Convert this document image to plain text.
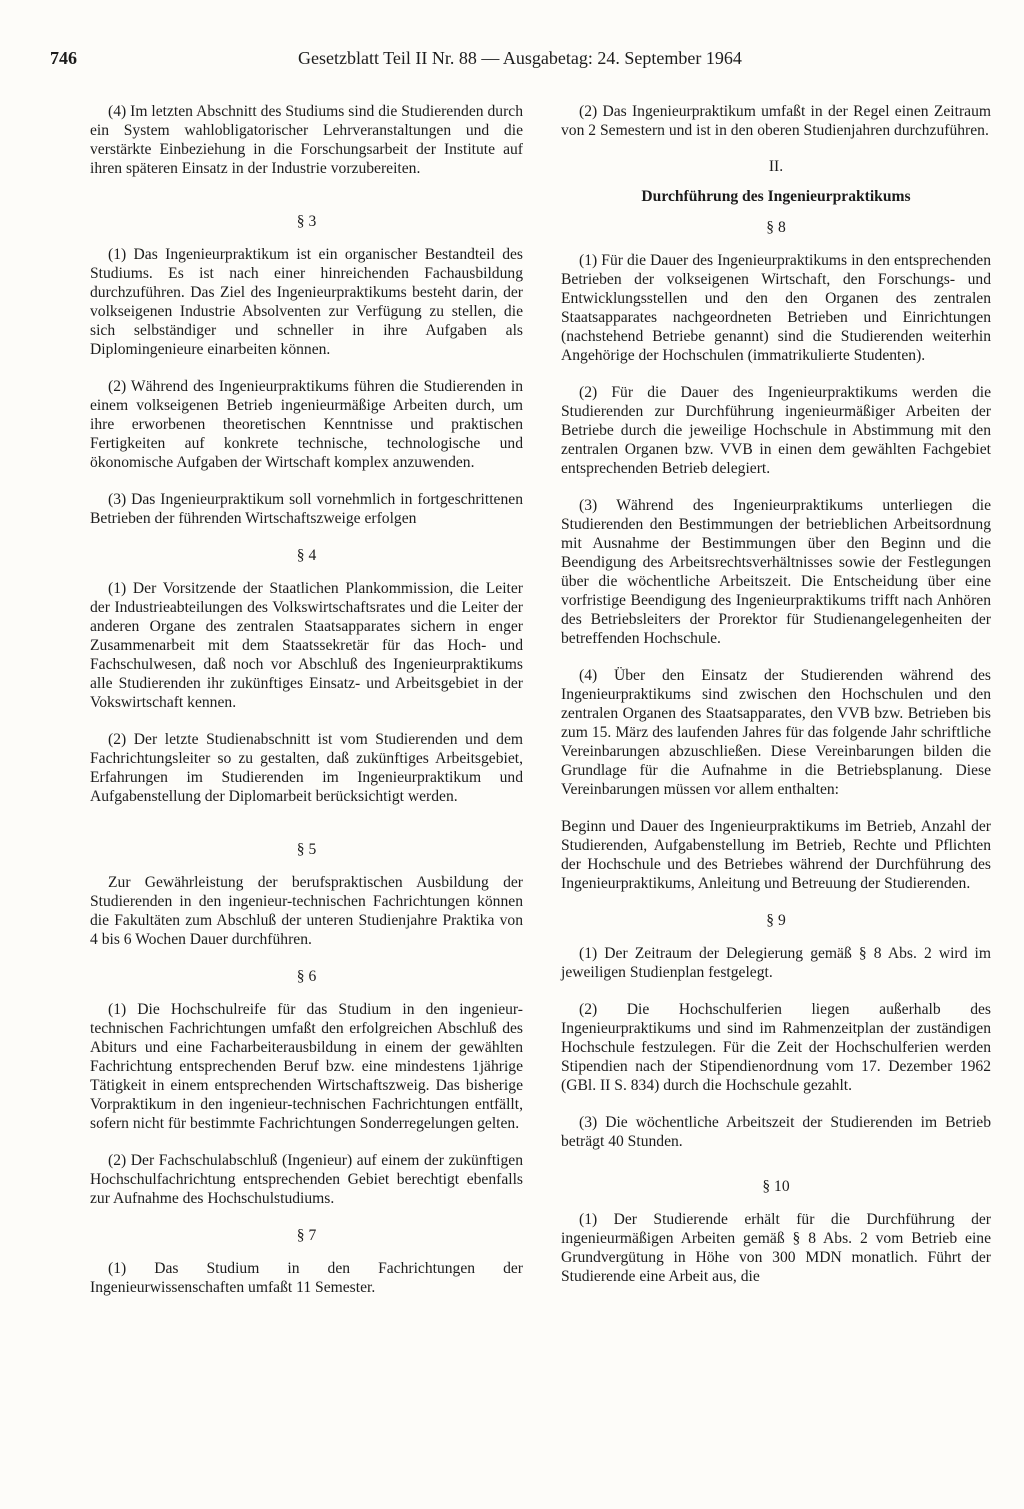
746	Gesetzblatt Teil II Nr. 88 — Ausgabetag: 24. September 1964

(4) Im letzten Abschnitt des Studiums sind die Studierenden durch ein System wahlobligatorischer Lehrveranstaltungen und die verstärkte Einbeziehung in die Forschungsarbeit der Institute auf ihren späteren Einsatz in der Industrie vorzubereiten.

§ 3

(1) Das Ingenieurpraktikum ist ein organischer Bestandteil des Studiums. Es ist nach einer hinreichenden Fachausbildung durchzuführen. Das Ziel des Ingenieurpraktikums besteht darin, der volkseigenen Industrie Absolventen zur Verfügung zu stellen, die sich selbständiger und schneller in ihre Aufgaben als Diplomingenieure einarbeiten können.

(2) Während des Ingenieurpraktikums führen die Studierenden in einem volkseigenen Betrieb ingenieurmäßige Arbeiten durch, um ihre erworbenen theoretischen Kenntnisse und praktischen Fertigkeiten auf konkrete technische, technologische und ökonomische Aufgaben der Wirtschaft komplex anzuwenden.

(3) Das Ingenieurpraktikum soll vornehmlich in fortgeschrittenen Betrieben der führenden Wirtschaftszweige erfolgen

§ 4

(1) Der Vorsitzende der Staatlichen Plankommission, die Leiter der Industrieabteilungen des Volkswirtschaftsrates und die Leiter der anderen Organe des zentralen Staatsapparates sichern in enger Zusammenarbeit mit dem Staatssekretär für das Hoch- und Fachschulwesen, daß noch vor Abschluß des Ingenieurpraktikums alle Studierenden ihr zukünftiges Einsatz- und Arbeitsgebiet in der Vokswirtschaft kennen.

(2) Der letzte Studienabschnitt ist vom Studierenden und dem Fachrichtungsleiter so zu gestalten, daß zukünftiges Arbeitsgebiet, Erfahrungen im Studierenden im Ingenieurpraktikum und Aufgabenstellung der Diplomarbeit berücksichtigt werden.

§ 5

Zur Gewährleistung der berufspraktischen Ausbildung der Studierenden in den ingenieur-technischen Fachrichtungen können die Fakultäten zum Abschluß der unteren Studienjahre Praktika von 4 bis 6 Wochen Dauer durchführen.

§ 6

(1) Die Hochschulreife für das Studium in den ingenieur-technischen Fachrichtungen umfaßt den erfolgreichen Abschluß des Abiturs und eine Facharbeiterausbildung in einem der gewählten Fachrichtung entsprechenden Beruf bzw. eine mindestens 1jährige Tätigkeit in einem entsprechenden Wirtschaftszweig. Das bisherige Vorpraktikum in den ingenieur-technischen Fachrichtungen entfällt, sofern nicht für bestimmte Fachrichtungen Sonderregelungen gelten.

(2) Der Fachschulabschluß (Ingenieur) auf einem der zukünftigen Hochschulfachrichtung entsprechenden Gebiet berechtigt ebenfalls zur Aufnahme des Hochschulstudiums.

§ 7

(1) Das Studium in den Fachrichtungen der Ingenieurwissenschaften umfaßt 11 Semester.

(2) Das Ingenieurpraktikum umfaßt in der Regel einen Zeitraum von 2 Semestern und ist in den oberen Studienjahren durchzuführen.

II.
Durchführung des Ingenieurpraktikums
§ 8

(1) Für die Dauer des Ingenieurpraktikums in den entsprechenden Betrieben der volkseigenen Wirtschaft, den Forschungs- und Entwicklungsstellen und den den Organen des zentralen Staatsapparates nachgeordneten Betrieben und Einrichtungen (nachstehend Betriebe genannt) sind die Studierenden weiterhin Angehörige der Hochschulen (immatrikulierte Studenten).

(2) Für die Dauer des Ingenieurpraktikums werden die Studierenden zur Durchführung ingenieurmäßiger Arbeiten der Betriebe durch die jeweilige Hochschule in Abstimmung mit den zentralen Organen bzw. VVB in einen dem gewählten Fachgebiet entsprechenden Betrieb delegiert.

(3) Während des Ingenieurpraktikums unterliegen die Studierenden den Bestimmungen der betrieblichen Arbeitsordnung mit Ausnahme der Bestimmungen über den Beginn und die Beendigung des Arbeitsrechtsverhältnisses sowie der Festlegungen über die wöchentliche Arbeitszeit. Die Entscheidung über eine vorfristige Beendigung des Ingenieurpraktikums trifft nach Anhören des Betriebsleiters der Prorektor für Studienangelegenheiten der betreffenden Hochschule.

(4) Über den Einsatz der Studierenden während des Ingenieurpraktikums sind zwischen den Hochschulen und den zentralen Organen des Staatsapparates, den VVB bzw. Betrieben bis zum 15. März des laufenden Jahres für das folgende Jahr schriftliche Vereinbarungen abzuschließen. Diese Vereinbarungen bilden die Grundlage für die Aufnahme in die Betriebsplanung. Diese Vereinbarungen müssen vor allem enthalten:

Beginn und Dauer des Ingenieurpraktikums im Betrieb, Anzahl der Studierenden, Aufgabenstellung im Betrieb, Rechte und Pflichten der Hochschule und des Betriebes während der Durchführung des Ingenieurpraktikums, Anleitung und Betreuung der Studierenden.

§ 9

(1) Der Zeitraum der Delegierung gemäß § 8 Abs. 2 wird im jeweiligen Studienplan festgelegt.

(2) Die Hochschulferien liegen außerhalb des Ingenieurpraktikums und sind im Rahmenzeitplan der zuständigen Hochschule festzulegen. Für die Zeit der Hochschulferien werden Stipendien nach der Stipendienordnung vom 17. Dezember 1962 (GBl. II S. 834) durch die Hochschule gezahlt.

(3) Die wöchentliche Arbeitszeit der Studierenden im Betrieb beträgt 40 Stunden.

§ 10

(1) Der Studierende erhält für die Durchführung der ingenieurmäßigen Arbeiten gemäß § 8 Abs. 2 vom Betrieb eine Grundvergütung in Höhe von 300 MDN monatlich. Führt der Studierende eine Arbeit aus, die
